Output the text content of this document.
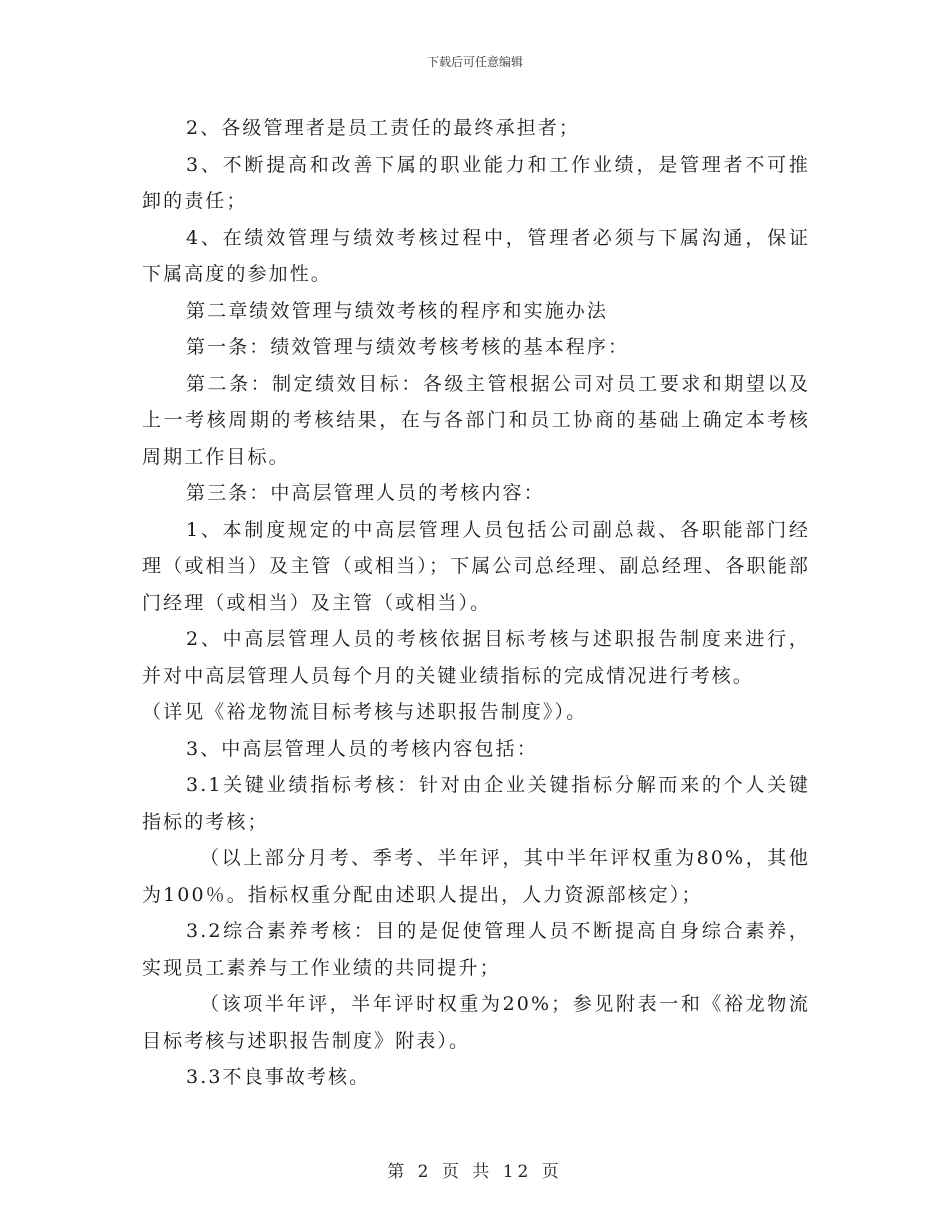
下载后可任意编辑

2、各级管理者是员工责任的最终承担者；

3、不断提高和改善下属的职业能力和工作业绩，是管理者不可推卸的责任；

4、在绩效管理与绩效考核过程中，管理者必须与下属沟通，保证下属高度的参加性。

第二章绩效管理与绩效考核的程序和实施办法

第一条：绩效管理与绩效考核考核的基本程序：

第二条：制定绩效目标：各级主管根据公司对员工要求和期望以及上一考核周期的考核结果，在与各部门和员工协商的基础上确定本考核周期工作目标。

第三条：中高层管理人员的考核内容：

1、本制度规定的中高层管理人员包括公司副总裁、各职能部门经理（或相当）及主管（或相当）；下属公司总经理、副总经理、各职能部门经理（或相当）及主管（或相当）。

2、中高层管理人员的考核依据目标考核与述职报告制度来进行，并对中高层管理人员每个月的关键业绩指标的完成情况进行考核。

（详见《裕龙物流目标考核与述职报告制度》）。

3、中高层管理人员的考核内容包括：

3.1关键业绩指标考核：针对由企业关键指标分解而来的个人关键指标的考核；

（以上部分月考、季考、半年评，其中半年评权重为80%，其他为100％。指标权重分配由述职人提出，人力资源部核定）；

3.2综合素养考核：目的是促使管理人员不断提高自身综合素养，实现员工素养与工作业绩的共同提升；

（该项半年评，半年评时权重为20%；参见附表一和《裕龙物流目标考核与述职报告制度》附表）。

3.3不良事故考核。

第 2 页 共 12 页
